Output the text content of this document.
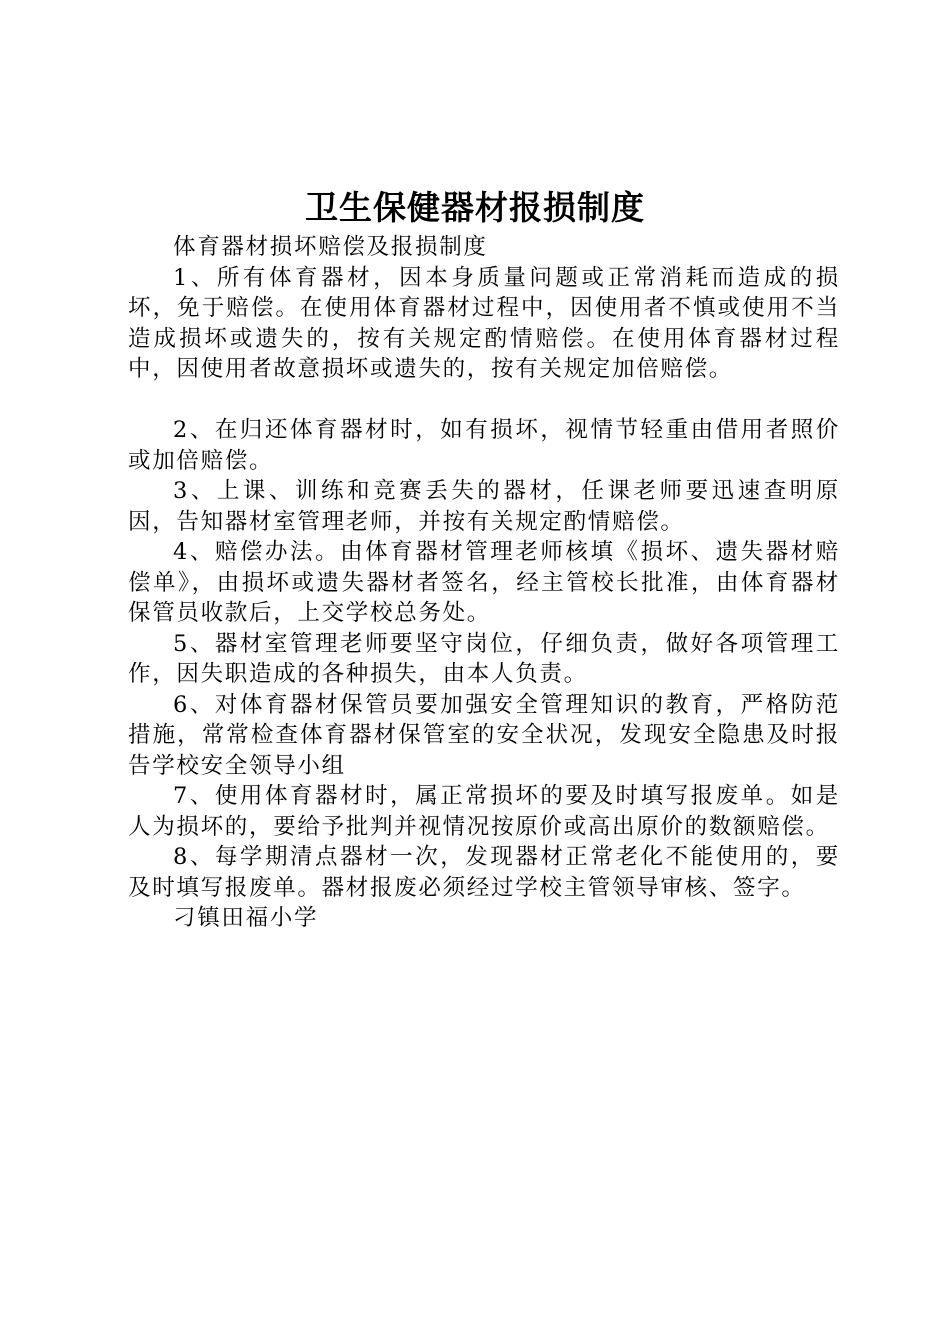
卫生保健器材报损制度

体育器材损坏赔偿及报损制度

1、所有体育器材，因本身质量问题或正常消耗而造成的损坏，免于赔偿。在使用体育器材过程中，因使用者不慎或使用不当造成损坏或遗失的，按有关规定酌情赔偿。在使用体育器材过程中，因使用者故意损坏或遗失的，按有关规定加倍赔偿。

2、在归还体育器材时，如有损坏，视情节轻重由借用者照价或加倍赔偿。

3、上课、训练和竞赛丢失的器材，任课老师要迅速查明原因，告知器材室管理老师，并按有关规定酌情赔偿。

4、赔偿办法。由体育器材管理老师核填《损坏、遗失器材赔偿单》，由损坏或遗失器材者签名，经主管校长批准，由体育器材保管员收款后，上交学校总务处。

5、器材室管理老师要坚守岗位，仔细负责，做好各项管理工作，因失职造成的各种损失，由本人负责。

6、对体育器材保管员要加强安全管理知识的教育，严格防范措施，常常检查体育器材保管室的安全状况，发现安全隐患及时报告学校安全领导小组

7、使用体育器材时，属正常损坏的要及时填写报废单。如是人为损坏的，要给予批判并视情况按原价或高出原价的数额赔偿。

8、每学期清点器材一次，发现器材正常老化不能使用的，要及时填写报废单。器材报废必须经过学校主管领导审核、签字。

刁镇田福小学
